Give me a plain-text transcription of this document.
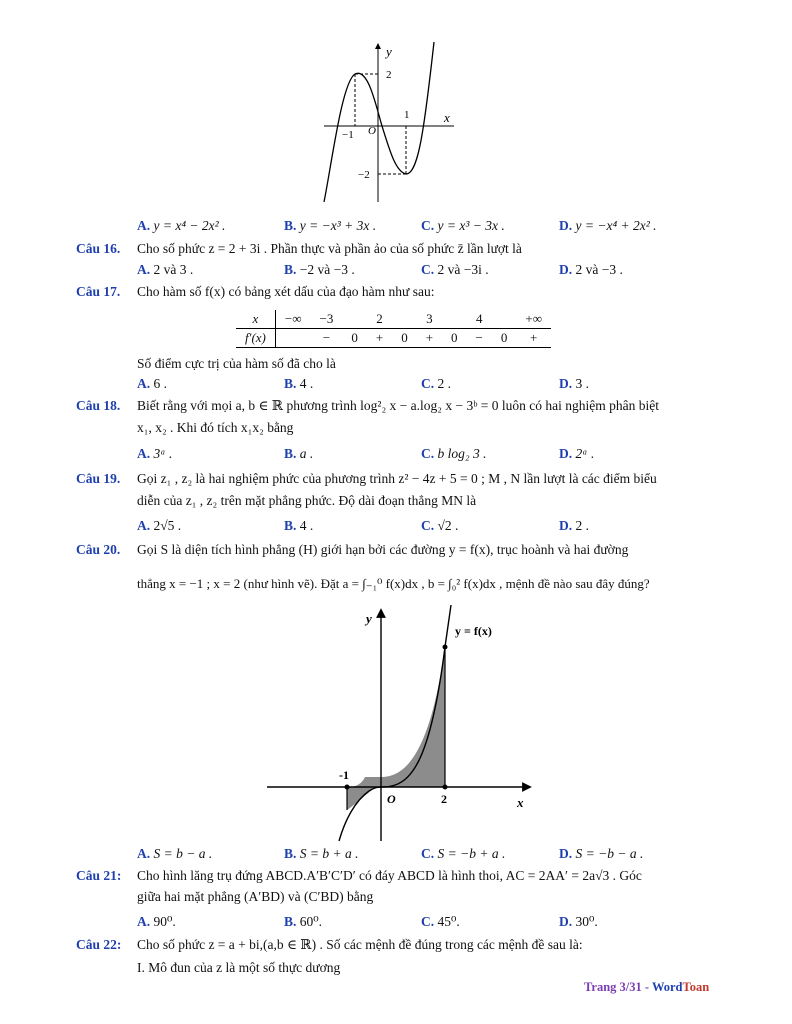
y
x
2
1
−1 O
−2
A. y = x⁴ − 2x² .	B. y = −x³ + 3x .	C. y = x³ − 3x .	D. y = −x⁴ + 2x² .
Câu 16. Cho số phức z = 2 + 3i . Phần thực và phần ảo của số phức z̄ lần lượt là
A. 2 và 3 .	B. −2 và −3 .	C. 2 và −3i .	D. 2 và −3 .
Câu 17. Cho hàm số f(x) có bảng xét dấu của đạo hàm như sau:
x	−∞	−3		2		3		4		+∞
f′(x)		−	0	+	0	+	0	−	0	+
Số điểm cực trị của hàm số đã cho là
A. 6 .	B. 4 .	C. 2 .	D. 3 .
Câu 18. Biết rằng với mọi a, b ∈ ℝ phương trình log²₂ x − a.log₂ x − 3ᵇ = 0 luôn có hai nghiệm phân biệt
x₁, x₂ . Khi đó tích x₁x₂ bằng
A. 3ᵃ .	B. a .	C. b log₂ 3 .	D. 2ᵃ .
Câu 19. Gọi z₁ , z₂ là hai nghiệm phức của phương trình z² − 4z + 5 = 0 ; M , N lần lượt là các điểm biểu
diễn của z₁ , z₂ trên mặt phẳng phức. Độ dài đoạn thẳng MN là
A. 2√5 .	B. 4 .	C. √2 .	D. 2 .
Câu 20. Gọi S là diện tích hình phẳng (H) giới hạn bởi các đường y = f(x), trục hoành và hai đường
thẳng x = −1 ; x = 2 (như hình vẽ). Đặt a = ∫₋₁⁰ f(x)dx , b = ∫₀² f(x)dx , mệnh đề nào sau đây đúng?
y
x
y = f(x)
-1
2
O
A. S = b − a .	B. S = b + a .	C. S = −b + a .	D. S = −b − a .
Câu 21: Cho hình lăng trụ đứng ABCD.A′B′C′D′ có đáy ABCD là hình thoi, AC = 2AA′ = 2a√3 . Góc
giữa hai mặt phẳng (A′BD) và (C′BD) bằng
A. 90⁰.	B. 60⁰.	C. 45⁰.	D. 30⁰.
Câu 22: Cho số phức z = a + bi,(a,b ∈ ℝ) . Số các mệnh đề đúng trong các mệnh đề sau là:
I. Mô đun của z là một số thực dương
Trang 3/31 - WordToan
